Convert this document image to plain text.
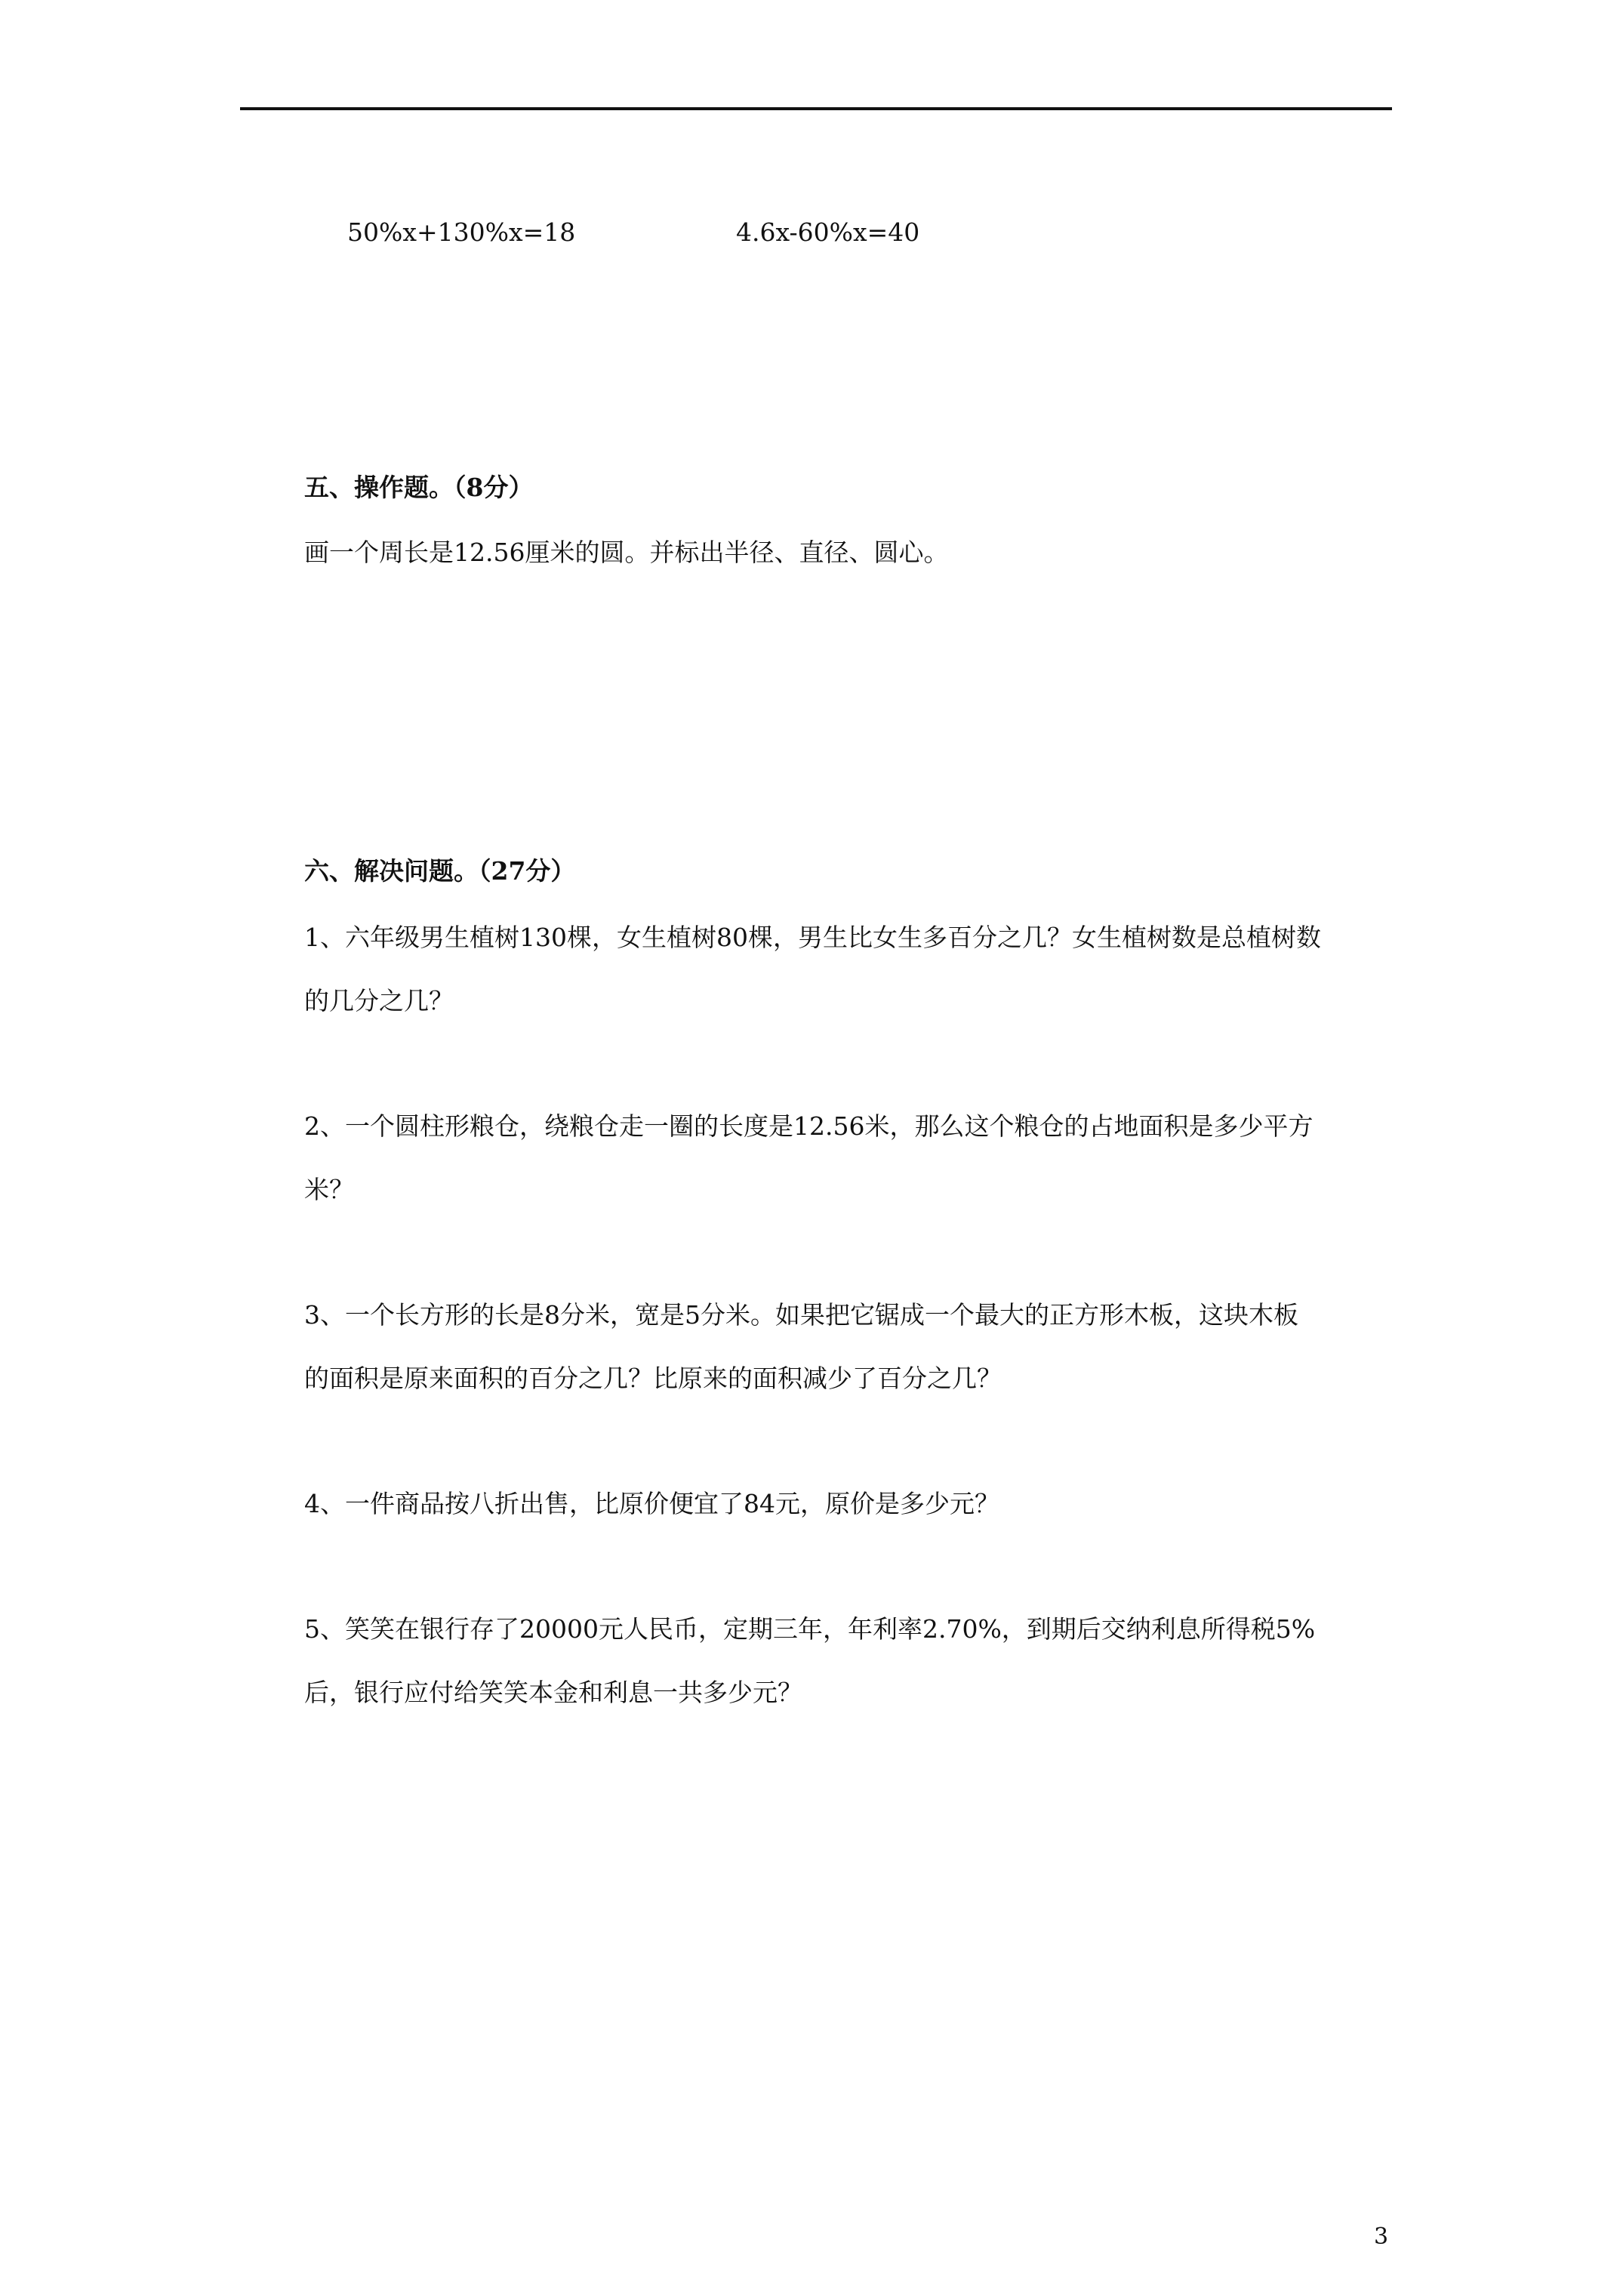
50%x+130%x=18	4.6x-60%x=40
五、操作题。（8分）
画一个周长是12.56厘米的圆。并标出半径、直径、圆心。
六、解决问题。（27分）
1、六年级男生植树130棵，女生植树80棵，男生比女生多百分之几？女生植树数是总植树数
的几分之几？
2、一个圆柱形粮仓，绕粮仓走一圈的长度是12.56米，那么这个粮仓的占地面积是多少平方
米？
3、一个长方形的长是8分米，宽是5分米。如果把它锯成一个最大的正方形木板，这块木板
的面积是原来面积的百分之几？比原来的面积减少了百分之几？
4、一件商品按八折出售，比原价便宜了84元，原价是多少元？
5、笑笑在银行存了20000元人民币，定期三年，年利率2.70%，到期后交纳利息所得税5%
后，银行应付给笑笑本金和利息一共多少元？
3
